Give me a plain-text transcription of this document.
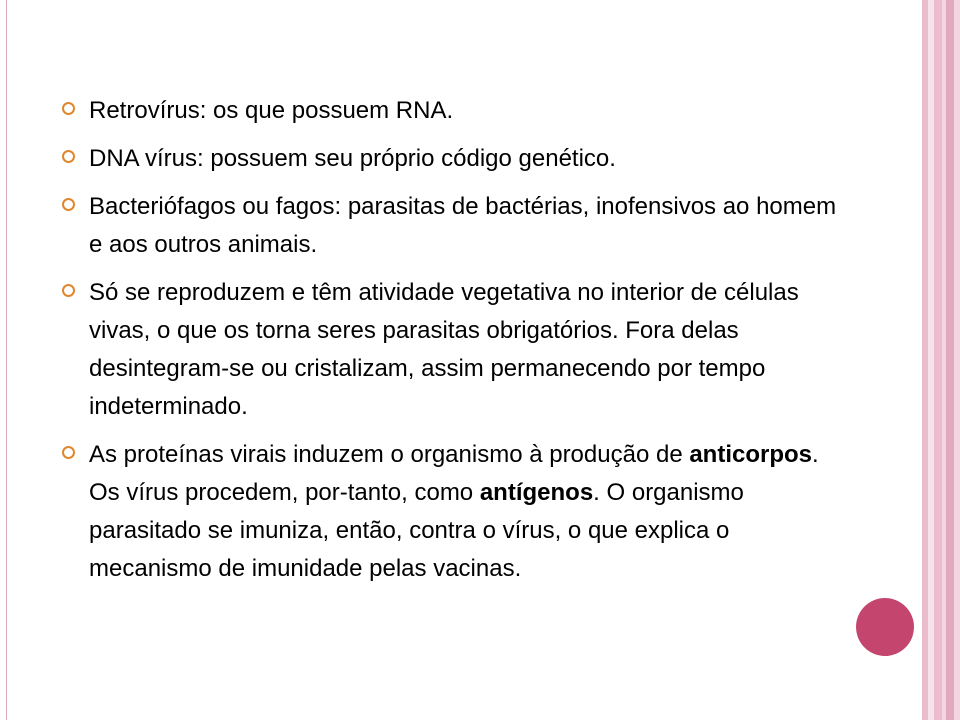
Retrovírus: os que possuem RNA.
DNA vírus: possuem seu próprio código genético.
Bacteriófagos ou fagos: parasitas de bactérias, inofensivos ao homem e aos outros animais.
Só se reproduzem e têm atividade vegetativa no interior de células vivas, o que os torna seres parasitas obrigatórios. Fora delas desintegram-se ou cristalizam, assim permanecendo por tempo indeterminado.
As proteínas virais induzem o organismo à produção de anticorpos. Os vírus procedem, por-tanto, como antígenos. O organismo parasitado se imuniza, então, contra o vírus, o que explica o mecanismo de imunidade pelas vacinas.
